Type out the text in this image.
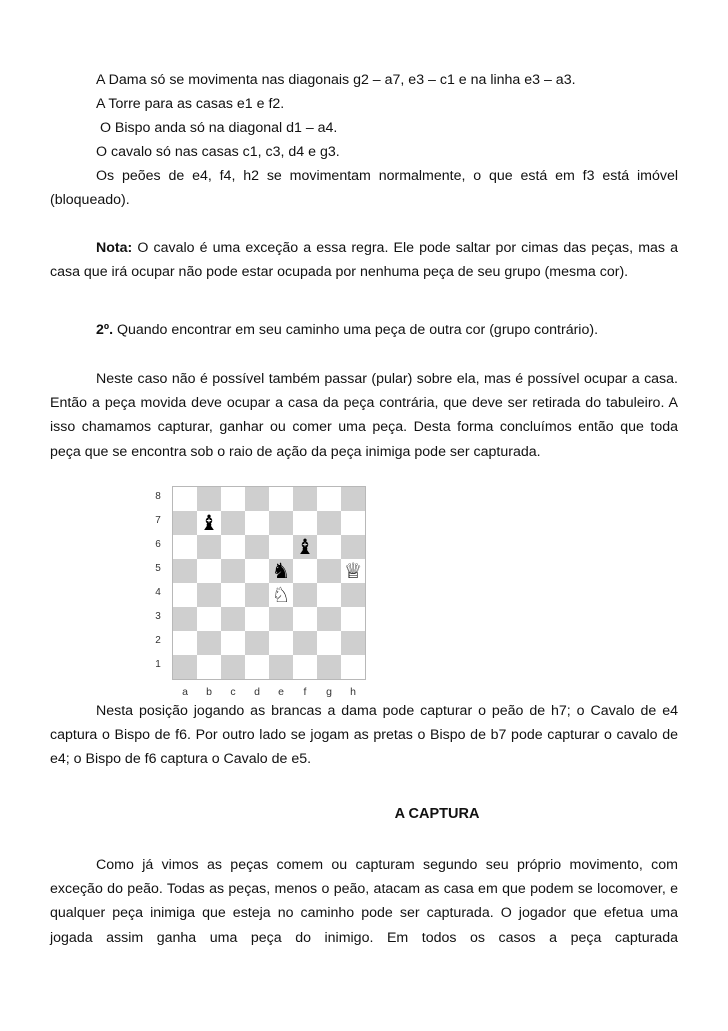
A Dama só se movimenta nas diagonais g2 – a7, e3 – c1 e na linha e3 – a3.
A Torre para as casas e1 e f2.
O Bispo anda só na diagonal d1 – a4.
O cavalo só nas casas c1, c3, d4 e g3.

Os peões de e4, f4, h2 se movimentam normalmente, o que está em f3 está imóvel (bloqueado).

Nota: O cavalo é uma exceção a essa regra. Ele pode saltar por cimas das peças, mas a casa que irá ocupar não pode estar ocupada por nenhuma peça de seu grupo (mesma cor).

2º. Quando encontrar em seu caminho uma peça de outra cor (grupo contrário).

Neste caso não é possível também passar (pular) sobre ela, mas é possível ocupar a casa. Então a peça movida deve ocupar a casa da peça contrária, que deve ser retirada do tabuleiro. A isso chamamos capturar, ganhar ou comer uma peça. Desta forma concluímos então que toda peça que se encontra sob o raio de ação da peça inimiga pode ser capturada.

♝
♝
♞	♕
♘
8
7
6
5
4
3
2
1
a	b	c	d	e	f	g	h

Nesta posição jogando as brancas a dama pode capturar o peão de h7; o Cavalo de e4 captura o Bispo de f6. Por outro lado se jogam as pretas o Bispo de b7 pode capturar o cavalo de e4; o Bispo de f6 captura o Cavalo de e5.

A CAPTURA

Como já vimos as peças comem ou capturam segundo seu próprio movimento, com exceção do peão. Todas as peças, menos o peão, atacam as casa em que podem se locomover, e qualquer peça inimiga que esteja no caminho pode ser capturada. O jogador que efetua uma jogada assim ganha uma peça do inimigo. Em todos os casos a peça capturada
